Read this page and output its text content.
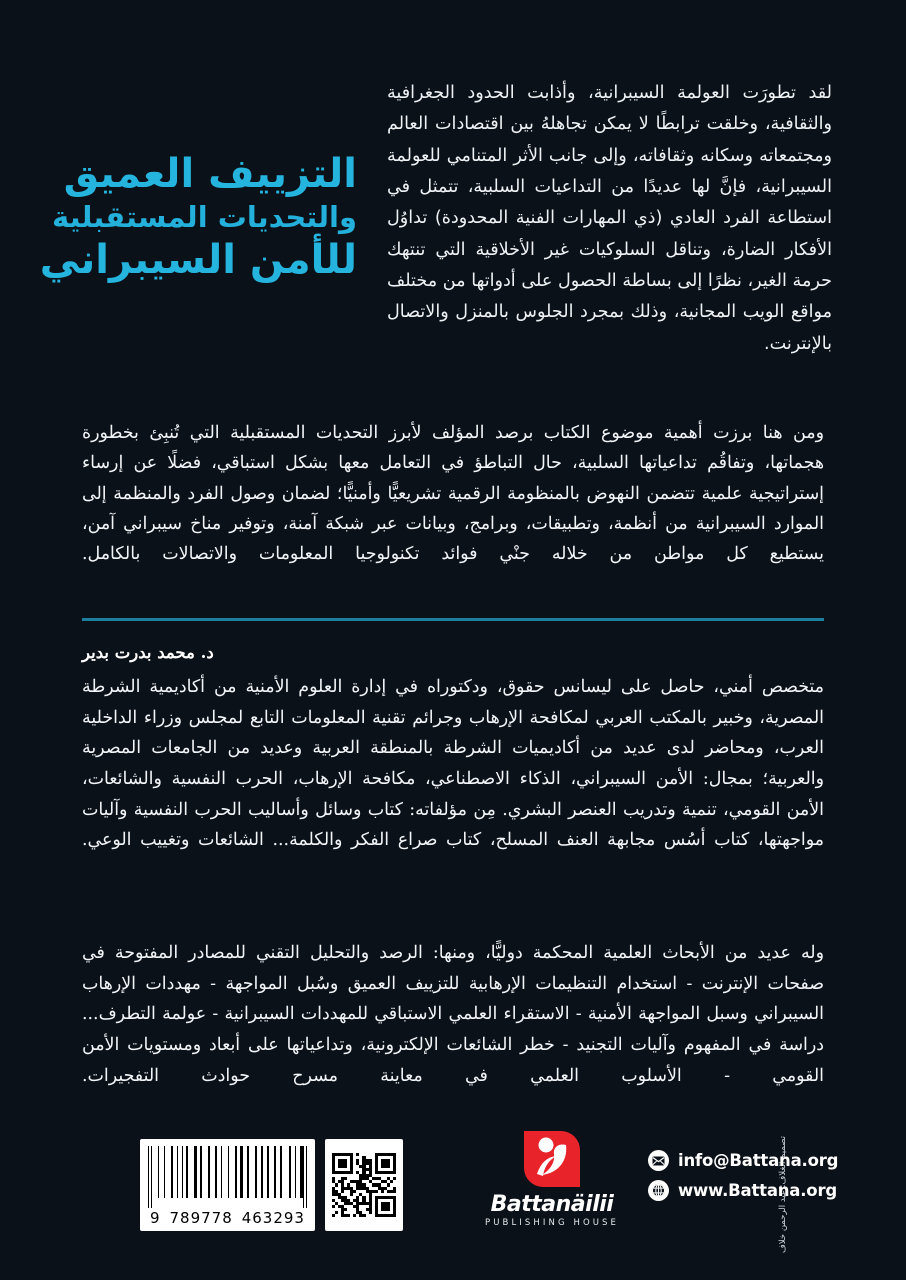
لقد تطورَت العولمة السيبرانية، وأذابت الحدود الجغرافية والثقافية، وخلقت ترابطًا لا يمكن تجاهلهُ بين اقتصادات العالم ومجتمعاته وسكانه وثقافاته، وإلى جانب الأثر المتنامي للعولمة السيبرانية، فإنَّ لها عديدًا من التداعيات السلبية، تتمثل في استطاعة الفرد العادي (ذي المهارات الفنية المحدودة) تداوُل الأفكار الضارة، وتناقل السلوكيات غير الأخلاقية التي تنتهك حرمة الغير، نظرًا إلى بساطة الحصول على أدواتها من مختلف مواقع الويب المجانية، وذلك بمجرد الجلوس بالمنزل والاتصال بالإنترنت.

التزييف العميق
والتحديات المستقبلية
للأمن السيبراني

ومن هنا برزت أهمية موضوع الكتاب برصد المؤلف لأبرز التحديات المستقبلية التي تُنبِئ بخطورة هجماتها، وتفاقُم تداعياتها السلبية، حال التباطؤ في التعامل معها بشكل استباقي، فضلًا عن إرساء إستراتيجية علمية تتضمن النهوض بالمنظومة الرقمية تشريعيًّا وأمنيًّا؛ لضمان وصول الفرد والمنظمة إلى الموارد السيبرانية من أنظمة، وتطبيقات، وبرامج، وبيانات عبر شبكة آمنة، وتوفير مناخ سيبراني آمن، يستطيع كل مواطن من خلاله جنْي فوائد تكنولوجيا المعلومات والاتصالات بالكامل.

د. محمد بدرت بدير

متخصص أمني، حاصل على ليسانس حقوق، ودكتوراه في إدارة العلوم الأمنية من أكاديمية الشرطة المصرية، وخبير بالمكتب العربي لمكافحة الإرهاب وجرائم تقنية المعلومات التابع لمجلس وزراء الداخلية العرب، ومحاضر لدى عديد من أكاديميات الشرطة بالمنطقة العربية وعديد من الجامعات المصرية والعربية؛ بمجال: الأمن السيبراني، الذكاء الاصطناعي، مكافحة الإرهاب، الحرب النفسية والشائعات، الأمن القومي، تنمية وتدريب العنصر البشري. مِن مؤلفاته: كتاب وسائل وأساليب الحرب النفسية وآليات مواجهتها، كتاب أسُس مجابهة العنف المسلح، كتاب صراع الفكر والكلمة... الشائعات وتغييب الوعي.

وله عديد من الأبحاث العلمية المحكمة دوليًّا، ومنها: الرصد والتحليل التقني للمصادر المفتوحة في صفحات الإنترنت - استخدام التنظيمات الإرهابية للتزييف العميق وسُبل المواجهة - مهددات الإرهاب السيبراني وسبل المواجهة الأمنية - الاستقراء العلمي الاستباقي للمهددات السيبرانية - عولمة التطرف... دراسة في المفهوم وآليات التجنيد - خطر الشائعات الإلكترونية، وتداعياتها على أبعاد ومستويات الأمن القومي - الأسلوب العلمي في معاينة مسرح حوادث التفجيرات.

تصميم الغلاف: عبد الرحمن خلاف
9 789778 463293
Battanäilii
PUBLISHING HOUSE
info@Battana.org
www.Battana.org
